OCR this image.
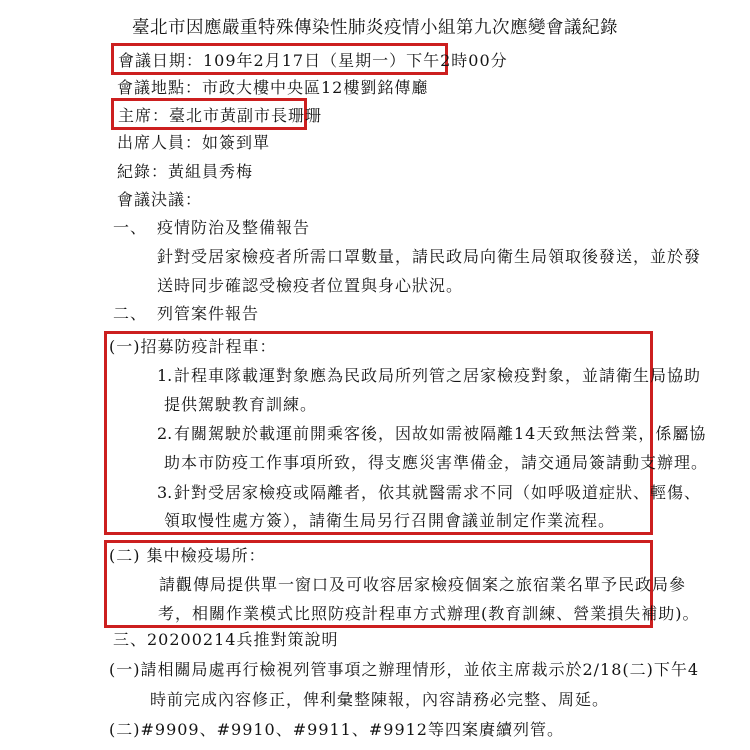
臺北市因應嚴重特殊傳染性肺炎疫情小組第九次應變會議紀錄
會議日期：109年2月17日（星期一）下午2時00分
會議地點：市政大樓中央區12樓劉銘傳廳
主席：臺北市黃副市長珊珊
出席人員：如簽到單
紀錄：黃組員秀梅
會議決議：
一、 疫情防治及整備報告
針對受居家檢疫者所需口罩數量，請民政局向衛生局領取後發送，並於發
送時同步確認受檢疫者位置與身心狀況。
二、 列管案件報告
(一)招募防疫計程車：
1. 計程車隊載運對象應為民政局所列管之居家檢疫對象，並請衛生局協助
提供駕駛教育訓練。
2. 有關駕駛於載運前開乘客後，因故如需被隔離14天致無法營業，係屬協
助本市防疫工作事項所致，得支應災害準備金，請交通局簽請動支辦理。
3. 針對受居家檢疫或隔離者，依其就醫需求不同（如呼吸道症狀、輕傷、
領取慢性處方簽），請衛生局另行召開會議並制定作業流程。
(二) 集中檢疫場所：
請觀傳局提供單一窗口及可收容居家檢疫個案之旅宿業名單予民政局參
考，相關作業模式比照防疫計程車方式辦理(教育訓練、營業損失補助)。
三、20200214兵推對策說明
(一)請相關局處再行檢視列管事項之辦理情形，並依主席裁示於2/18(二)下午4
時前完成內容修正，俾利彙整陳報，內容請務必完整、周延。
(二)#9909、#9910、#9911、#9912等四案賡續列管。
